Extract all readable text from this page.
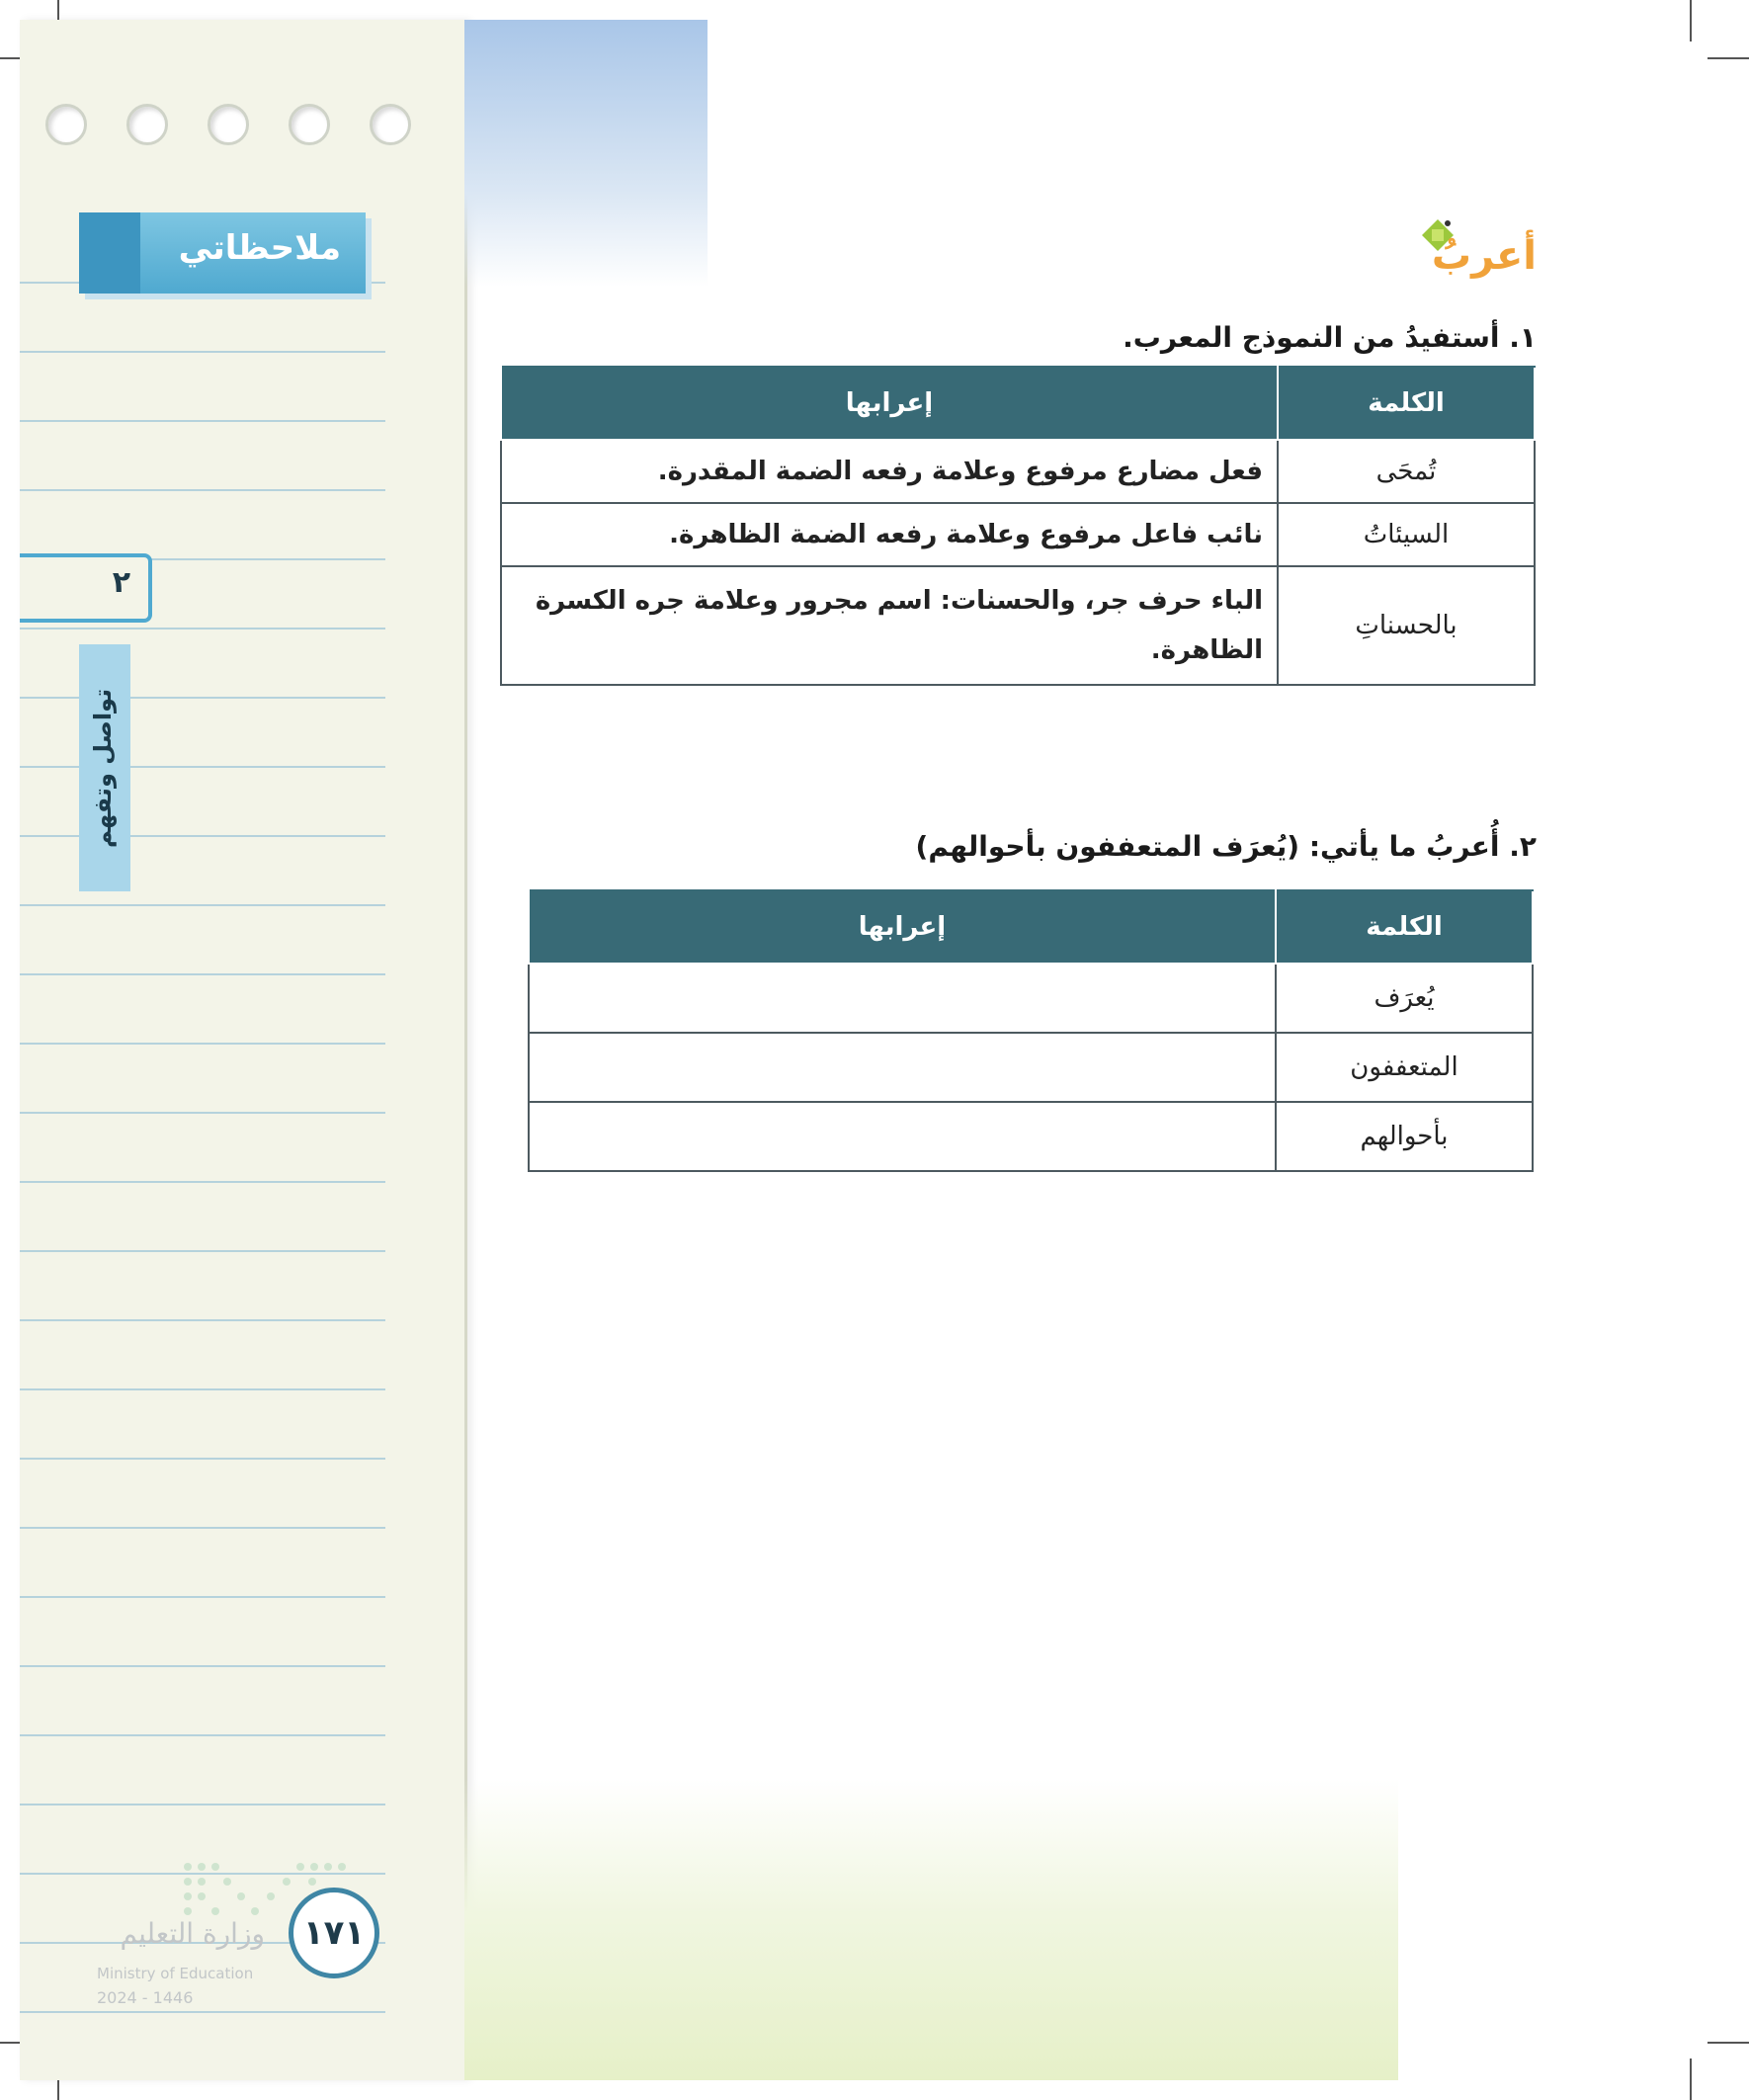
ملاحظاتي
٢
تواصل وتفهم
١٧١
وزارة التعليم
Ministry of Education
2024 - 1446
أعربُ
١. أستفيدُ من النموذج المعرب.
الكلمة	إعرابها
تُمحَى	فعل مضارع مرفوع وعلامة رفعه الضمة المقدرة.
السيئاتُ	نائب فاعل مرفوع وعلامة رفعه الضمة الظاهرة.
بالحسناتِ	الباء حرف جر، والحسنات: اسم مجرور وعلامة جره الكسرة الظاهرة.
٢. أُعربُ ما يأتي: (يُعرَف المتعففون بأحوالهم)
الكلمة	إعرابها
يُعرَف	
المتعففون	
بأحوالهم	
